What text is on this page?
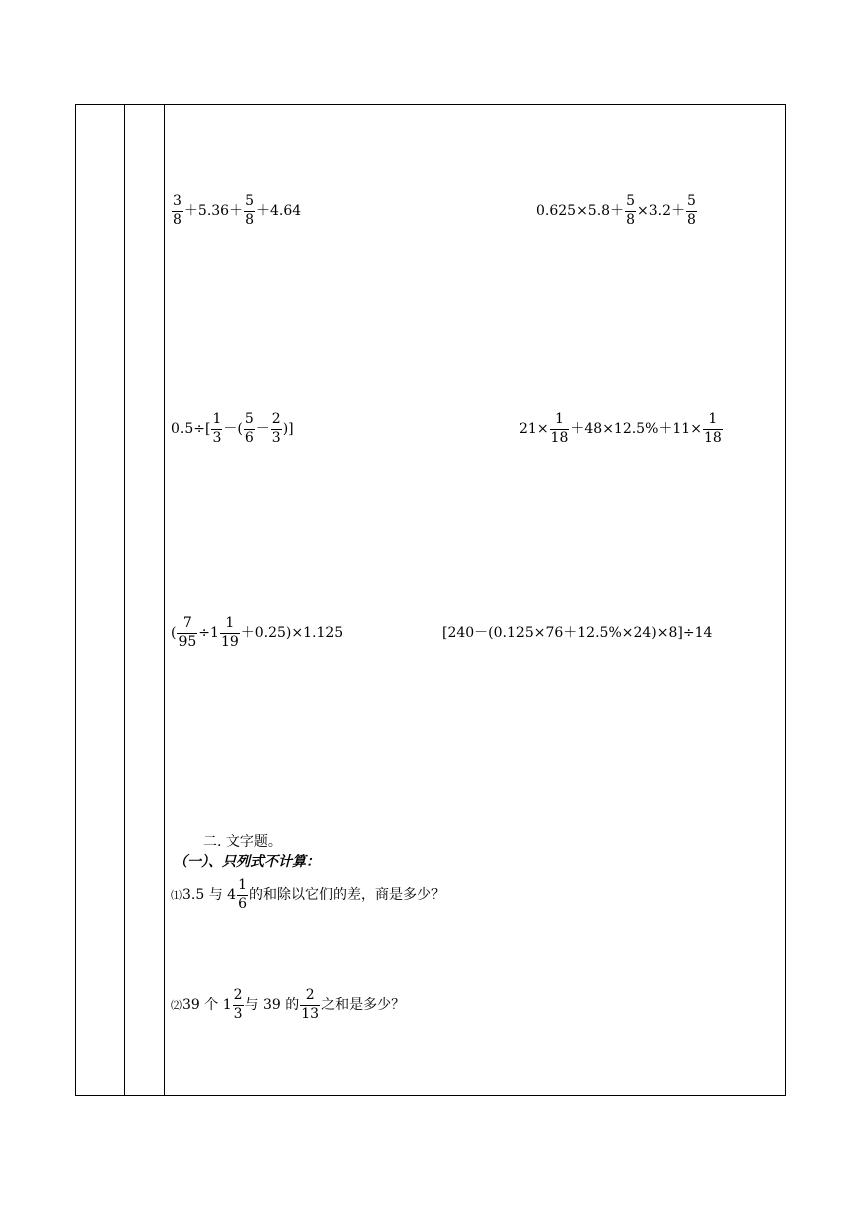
$\frac{3}{8} +5.36+ \frac{5}{8} +4.64$	$0.625\times 5.8+ \frac{5}{8} \times 3.2+ \frac{5}{8}$
$0.5\div[ \frac{1}{3}$ －( $\frac{5}{6} - \frac{2}{3}$ )]	$21\times \frac{1}{18} +48\times 12.5\%+11\times \frac{1}{18}$
( $\frac{7}{95} \div 1 \frac{1}{19} +0.25)\times 1.125$	[240－(0.125×76＋12.5%×24)×8]÷14
二. 文字题。
（一）、只列式不计算：
⑴3.5 与 $4 \frac{1}{6}$ 的和除以它们的差，商是多少？
⑵39 个 $1 \frac{2}{3}$ 与 39 的 $\frac{2}{13}$ 之和是多少？
